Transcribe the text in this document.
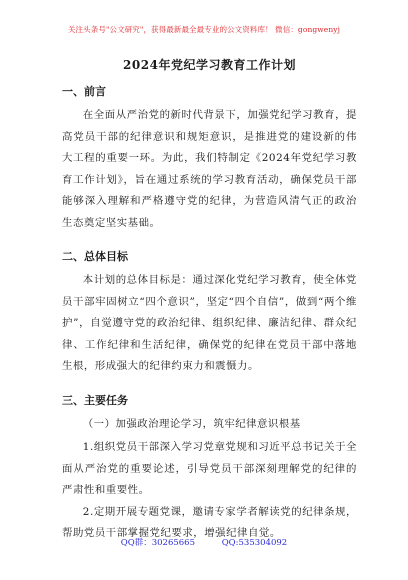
关注头条号"公文研究"，获得最新最全最专业的公文资料库！ 微信：gongwenyj
2024年党纪学习教育工作计划
一、前言

在全面从严治党的新时代背景下，加强党纪学习教育，提高党员干部的纪律意识和规矩意识，是推进党的建设新的伟大工程的重要一环。为此，我们特制定《2024年党纪学习教育工作计划》，旨在通过系统的学习教育活动，确保党员干部能够深入理解和严格遵守党的纪律，为营造风清气正的政治生态奠定坚实基础。

二、总体目标

本计划的总体目标是：通过深化党纪学习教育，使全体党员干部牢固树立“四个意识”，坚定“四个自信”，做到“两个维护”，自觉遵守党的政治纪律、组织纪律、廉洁纪律、群众纪律、工作纪律和生活纪律，确保党的纪律在党员干部中落地生根，形成强大的纪律约束力和震慑力。

三、主要任务
（一）加强政治理论学习，筑牢纪律意识根基

1.组织党员干部深入学习党章党规和习近平总书记关于全面从严治党的重要论述，引导党员干部深刻理解党的纪律的严肃性和重要性。

2.定期开展专题党课，邀请专家学者解读党的纪律条规，帮助党员干部掌握党纪要求，增强纪律自觉。

QQ群：30265665	QQ:535304092
